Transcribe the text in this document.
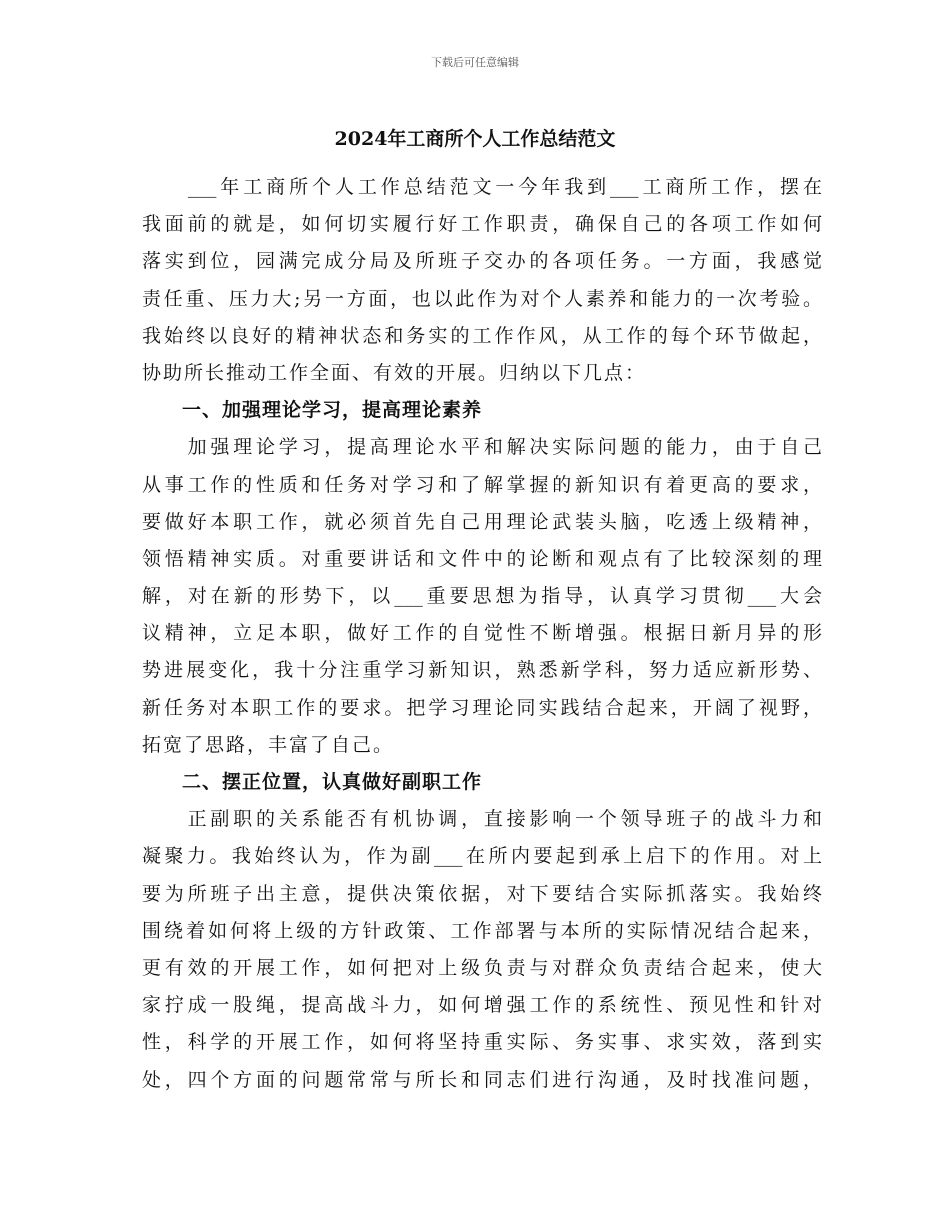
下载后可任意编辑
2024年工商所个人工作总结范文
　　___年工商所个人工作总结范文一今年我到___工商所工作，摆在
我面前的就是，如何切实履行好工作职责，确保自己的各项工作如何
落实到位，园满完成分局及所班子交办的各项任务。一方面，我感觉
责任重、压力大;另一方面，也以此作为对个人素养和能力的一次考验。
我始终以良好的精神状态和务实的工作作风，从工作的每个环节做起，
协助所长推动工作全面、有效的开展。归纳以下几点：
　　一、加强理论学习，提高理论素养
　　加强理论学习，提高理论水平和解决实际问题的能力，由于自己
从事工作的性质和任务对学习和了解掌握的新知识有着更高的要求，
要做好本职工作，就必须首先自己用理论武装头脑，吃透上级精神，
领悟精神实质。对重要讲话和文件中的论断和观点有了比较深刻的理
解，对在新的形势下，以___重要思想为指导，认真学习贯彻___大会
议精神，立足本职，做好工作的自觉性不断增强。根据日新月异的形
势进展变化，我十分注重学习新知识，熟悉新学科，努力适应新形势、
新任务对本职工作的要求。把学习理论同实践结合起来，开阔了视野，
拓宽了思路，丰富了自己。
　　二、摆正位置，认真做好副职工作
　　正副职的关系能否有机协调，直接影响一个领导班子的战斗力和
凝聚力。我始终认为，作为副___在所内要起到承上启下的作用。对上
要为所班子出主意，提供决策依据，对下要结合实际抓落实。我始终
围绕着如何将上级的方针政策、工作部署与本所的实际情况结合起来，
更有效的开展工作，如何把对上级负责与对群众负责结合起来，使大
家拧成一股绳，提高战斗力，如何增强工作的系统性、预见性和针对
性，科学的开展工作，如何将坚持重实际、务实事、求实效，落到实
处，四个方面的问题常常与所长和同志们进行沟通，及时找准问题，
